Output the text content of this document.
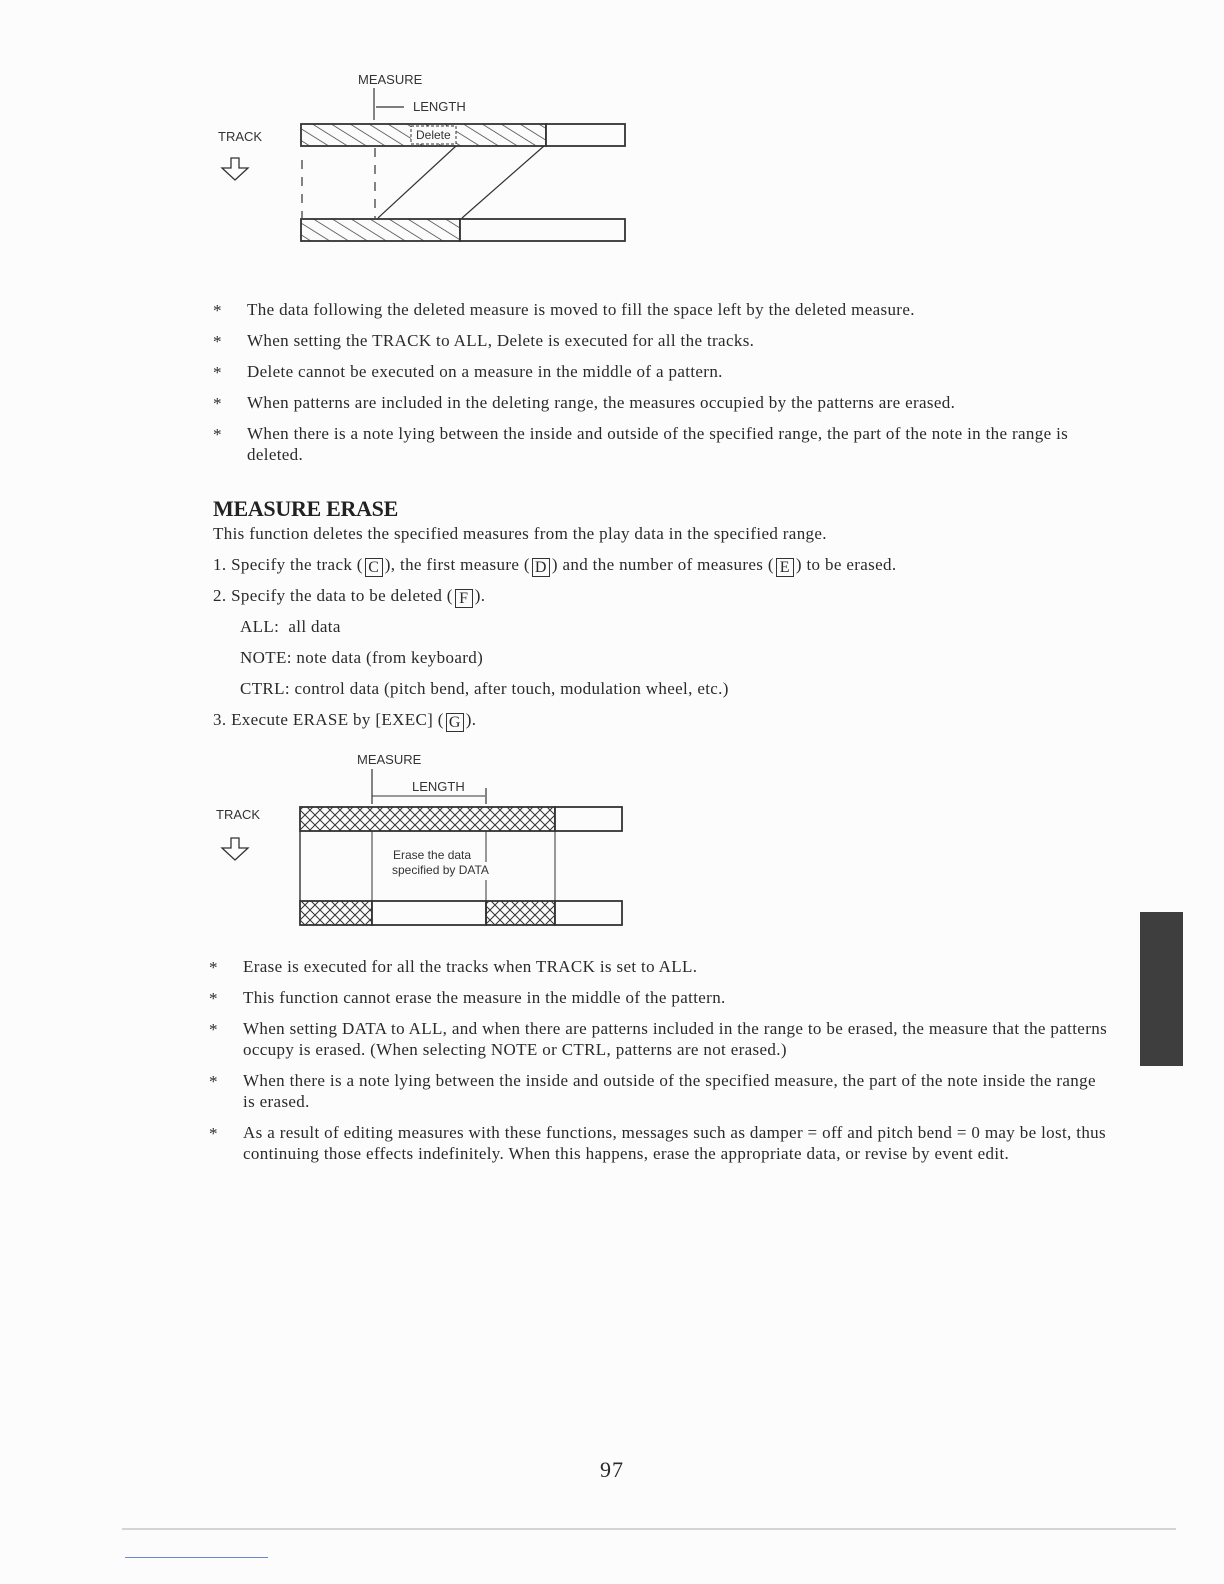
MEASURE
LENGTH
TRACK	Delete
* The data following the deleted measure is moved to fill the space left by the deleted measure.
* When setting the TRACK to ALL, Delete is executed for all the tracks.
* Delete cannot be executed on a measure in the middle of a pattern.
* When patterns are included in the deleting range, the measures occupied by the patterns are erased.
* When there is a note lying between the inside and outside of the specified range, the part of the note in the range is deleted.
MEASURE ERASE
This function deletes the specified measures from the play data in the specified range.
1. Specify the track ( C ), the first measure ( D ) and the number of measures ( E ) to be erased.
2. Specify the data to be deleted ( F ).
ALL:  all data
NOTE: note data (from keyboard)
CTRL: control data (pitch bend, after touch, modulation wheel, etc.)
3. Execute ERASE by [EXEC] ( G ).
MEASURE
LENGTH
TRACK
Erase the data
specified by DATA
* Erase is executed for all the tracks when TRACK is set to ALL.
* This function cannot erase the measure in the middle of the pattern.
* When setting DATA to ALL, and when there are patterns included in the range to be erased, the measure that the patterns occupy is erased. (When selecting NOTE or CTRL, patterns are not erased.)
* When there is a note lying between the inside and outside of the specified measure, the part of the note inside the range is erased.
* As a result of editing measures with these functions, messages such as damper = off and pitch bend = 0 may be lost, thus continuing those effects indefinitely. When this happens, erase the appropriate data, or revise by event edit.
97
